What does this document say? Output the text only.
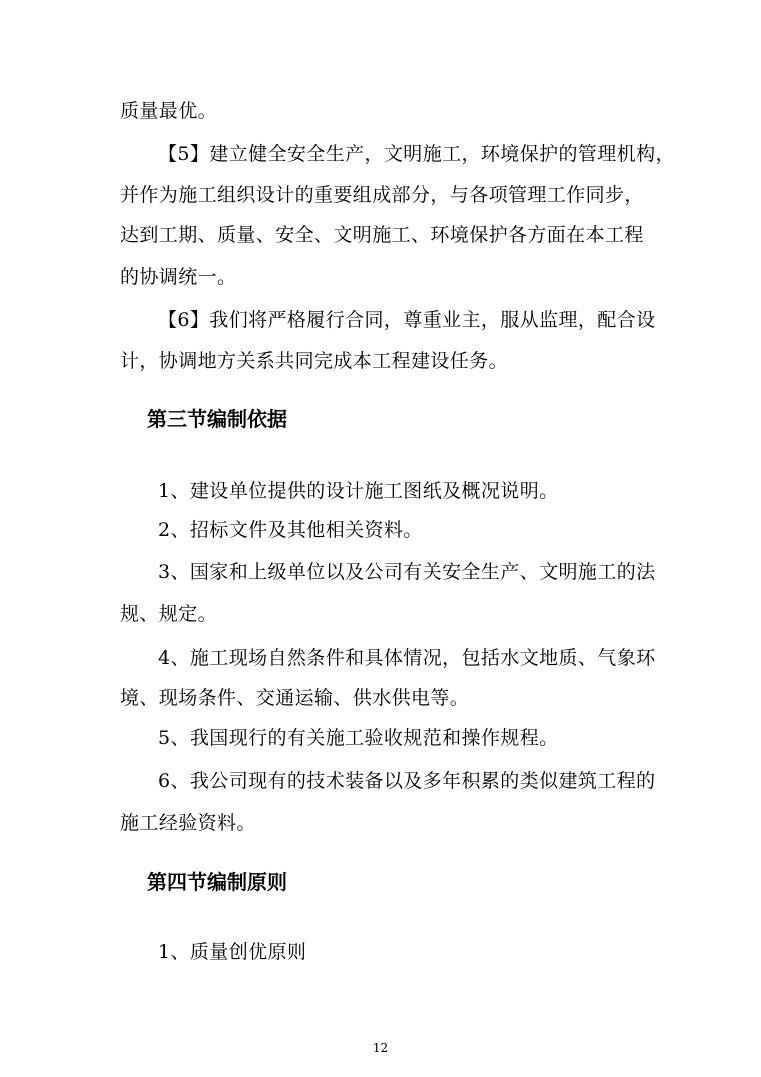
质量最优。
【5】建立健全安全生产，文明施工，环境保护的管理机构，
并作为施工组织设计的重要组成部分，与各项管理工作同步，
达到工期、质量、安全、文明施工、环境保护各方面在本工程
的协调统一。
【6】我们将严格履行合同，尊重业主，服从监理，配合设
计，协调地方关系共同完成本工程建设任务。
第三节编制依据
1、建设单位提供的设计施工图纸及概况说明。
2、招标文件及其他相关资料。
3、国家和上级单位以及公司有关安全生产、文明施工的法
规、规定。
4、施工现场自然条件和具体情况，包括水文地质、气象环
境、现场条件、交通运输、供水供电等。
5、我国现行的有关施工验收规范和操作规程。
6、我公司现有的技术装备以及多年积累的类似建筑工程的
施工经验资料。
第四节编制原则
1、质量创优原则
12
